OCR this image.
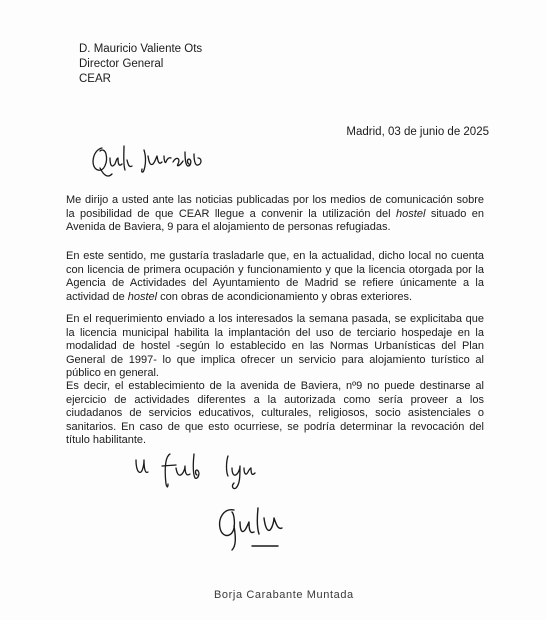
D. Mauricio Valiente Ots
Director General
CEAR
Madrid, 03 de junio de 2025

Me dirijo a usted ante las noticias publicadas por los medios de comunicación sobre la posibilidad de que CEAR llegue a convenir la utilización del hostel situado en Avenida de Baviera, 9 para el alojamiento de personas refugiadas.

En este sentido, me gustaría trasladarle que, en la actualidad, dicho local no cuenta con licencia de primera ocupación y funcionamiento y que la licencia otorgada por la Agencia de Actividades del Ayuntamiento de Madrid se refiere únicamente a la actividad de hostel con obras de acondicionamiento y obras exteriores.

En el requerimiento enviado a los interesados la semana pasada, se explicitaba que la licencia municipal habilita la implantación del uso de terciario hospedaje en la modalidad de hostel -según lo establecido en las Normas Urbanísticas del Plan General de 1997- lo que implica ofrecer un servicio para alojamiento turístico al público en general.

Es decir, el establecimiento de la avenida de Baviera, nº9 no puede destinarse al ejercicio de actividades diferentes a la autorizada como sería proveer a los ciudadanos de servicios educativos, culturales, religiosos, socio asistenciales o sanitarios. En caso de que esto ocurriese, se podría determinar la revocación del título habilitante.

Borja Carabante Muntada
